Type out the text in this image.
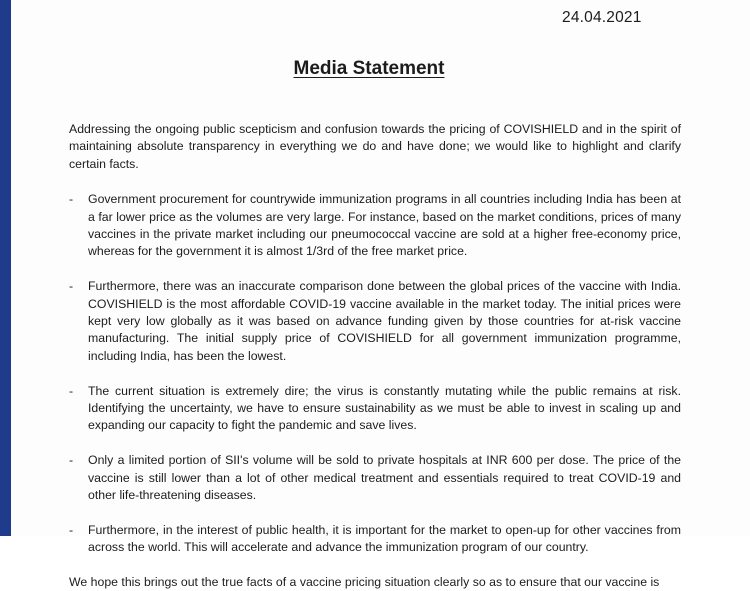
24.04.2021
Media Statement

Addressing the ongoing public scepticism and confusion towards the pricing of COVISHIELD and in the spirit of maintaining absolute transparency in everything we do and have done; we would like to highlight and clarify certain facts.

- Government procurement for countrywide immunization programs in all countries including India has been at a far lower price as the volumes are very large. For instance, based on the market conditions, prices of many vaccines in the private market including our pneumococcal vaccine are sold at a higher free-economy price, whereas for the government it is almost 1/3rd of the free market price.
- Furthermore, there was an inaccurate comparison done between the global prices of the vaccine with India. COVISHIELD is the most affordable COVID-19 vaccine available in the market today. The initial prices were kept very low globally as it was based on advance funding given by those countries for at-risk vaccine manufacturing. The initial supply price of COVISHIELD for all government immunization programme, including India, has been the lowest.
- The current situation is extremely dire; the virus is constantly mutating while the public remains at risk. Identifying the uncertainty, we have to ensure sustainability as we must be able to invest in scaling up and expanding our capacity to fight the pandemic and save lives.
- Only a limited portion of SII's volume will be sold to private hospitals at INR 600 per dose. The price of the vaccine is still lower than a lot of other medical treatment and essentials required to treat COVID-19 and other life-threatening diseases.
- Furthermore, in the interest of public health, it is important for the market to open-up for other vaccines from across the world. This will accelerate and advance the immunization program of our country.

We hope this brings out the true facts of a vaccine pricing situation clearly so as to ensure that our vaccine is
